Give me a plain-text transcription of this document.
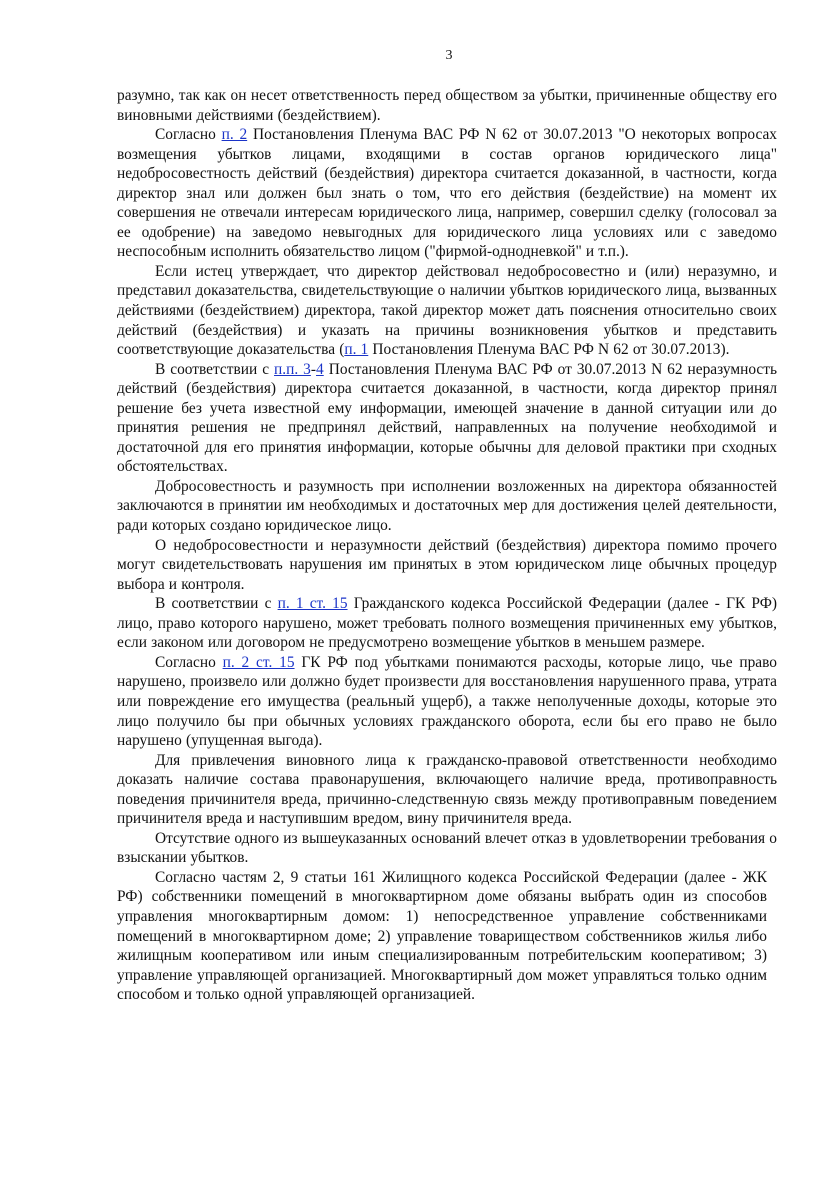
3

разумно, так как он несет ответственность перед обществом за убытки, причиненные обществу его виновными действиями (бездействием).

Согласно п. 2 Постановления Пленума ВАС РФ N 62 от 30.07.2013 "О некоторых вопросах возмещения убытков лицами, входящими в состав органов юридического лица" недобросовестность действий (бездействия) директора считается доказанной, в частности, когда директор знал или должен был знать о том, что его действия (бездействие) на момент их совершения не отвечали интересам юридического лица, например, совершил сделку (голосовал за ее одобрение) на заведомо невыгодных для юридического лица условиях или с заведомо неспособным исполнить обязательство лицом ("фирмой-однодневкой" и т.п.).

Если истец утверждает, что директор действовал недобросовестно и (или) неразумно, и представил доказательства, свидетельствующие о наличии убытков юридического лица, вызванных действиями (бездействием) директора, такой директор может дать пояснения относительно своих действий (бездействия) и указать на причины возникновения убытков и представить соответствующие доказательства (п. 1 Постановления Пленума ВАС РФ N 62 от 30.07.2013).

В соответствии с п.п. 3-4 Постановления Пленума ВАС РФ от 30.07.2013 N 62 неразумность действий (бездействия) директора считается доказанной, в частности, когда директор принял решение без учета известной ему информации, имеющей значение в данной ситуации или до принятия решения не предпринял действий, направленных на получение необходимой и достаточной для его принятия информации, которые обычны для деловой практики при сходных обстоятельствах.

Добросовестность и разумность при исполнении возложенных на директора обязанностей заключаются в принятии им необходимых и достаточных мер для достижения целей деятельности, ради которых создано юридическое лицо.

О недобросовестности и неразумности действий (бездействия) директора помимо прочего могут свидетельствовать нарушения им принятых в этом юридическом лице обычных процедур выбора и контроля.

В соответствии с п. 1 ст. 15 Гражданского кодекса Российской Федерации (далее - ГК РФ) лицо, право которого нарушено, может требовать полного возмещения причиненных ему убытков, если законом или договором не предусмотрено возмещение убытков в меньшем размере.

Согласно п. 2 ст. 15 ГК РФ под убытками понимаются расходы, которые лицо, чье право нарушено, произвело или должно будет произвести для восстановления нарушенного права, утрата или повреждение его имущества (реальный ущерб), а также неполученные доходы, которые это лицо получило бы при обычных условиях гражданского оборота, если бы его право не было нарушено (упущенная выгода).

Для привлечения виновного лица к гражданско-правовой ответственности необходимо доказать наличие состава правонарушения, включающего наличие вреда, противоправность поведения причинителя вреда, причинно-следственную связь между противоправным поведением причинителя вреда и наступившим вредом, вину причинителя вреда.

Отсутствие одного из вышеуказанных оснований влечет отказ в удовлетворении требования о взыскании убытков.

Согласно частям 2, 9 статьи 161 Жилищного кодекса Российской Федерации (далее - ЖК РФ) собственники помещений в многоквартирном доме обязаны выбрать один из способов управления многоквартирным домом: 1) непосредственное управление собственниками помещений в многоквартирном доме; 2) управление товариществом собственников жилья либо жилищным кооперативом или иным специализированным потребительским кооперативом; 3) управление управляющей организацией. Многоквартирный дом может управляться только одним способом и только одной управляющей организацией.
